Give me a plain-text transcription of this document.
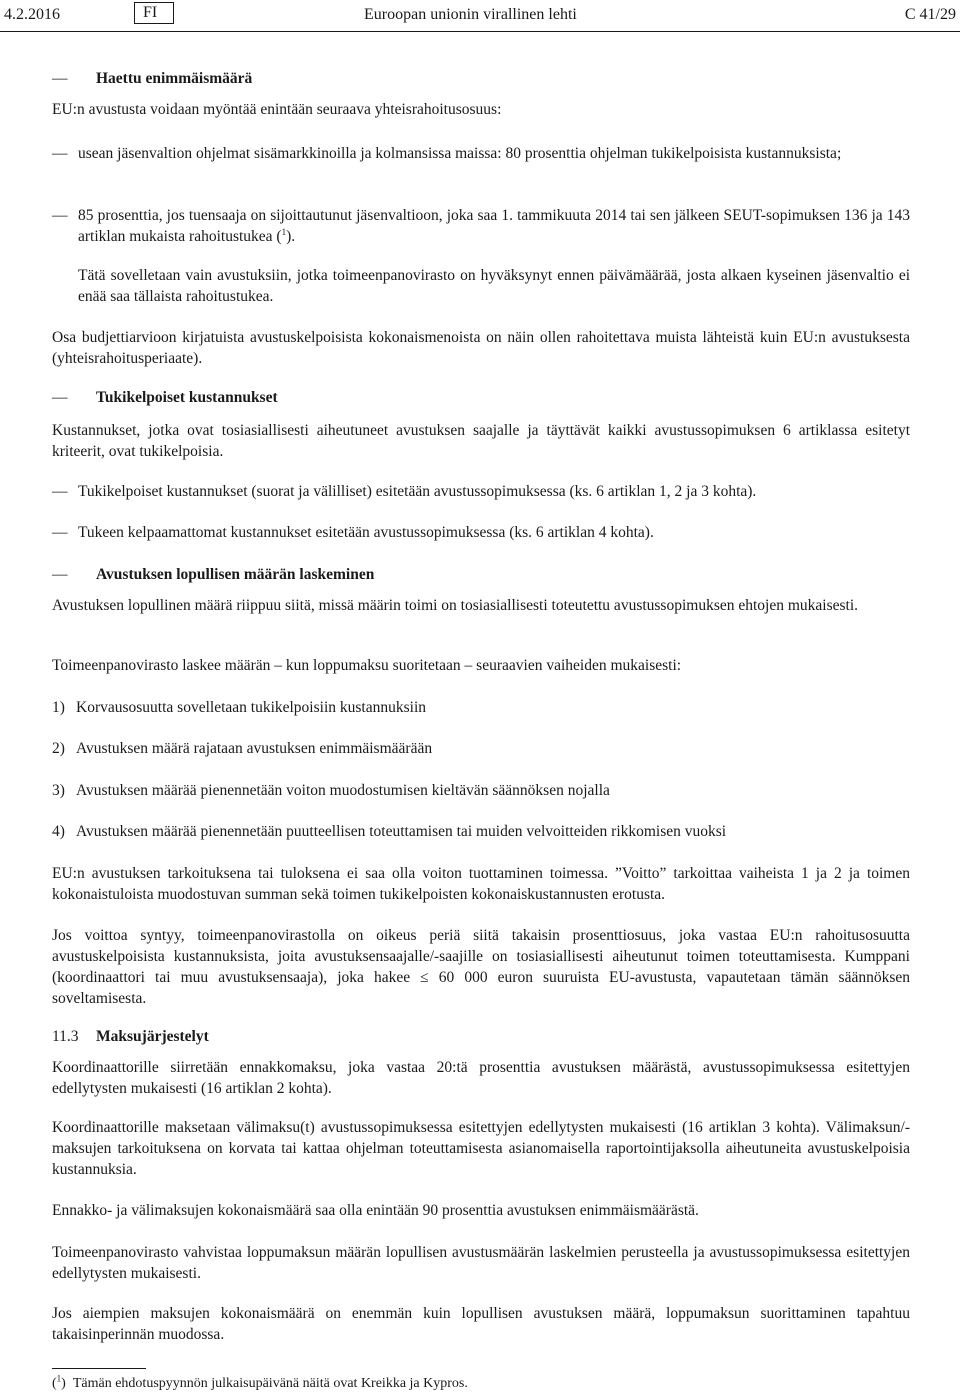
4.2.2016	FI	Euroopan unionin virallinen lehti	C 41/29
—	Haettu enimmäismäärä
EU:n avustusta voidaan myöntää enintään seuraava yhteisrahoitusosuus:
— usean jäsenvaltion ohjelmat sisämarkkinoilla ja kolmansissa maissa: 80 prosenttia ohjelman tukikelpoisista kustannuksista;
— 85 prosenttia, jos tuensaaja on sijoittautunut jäsenvaltioon, joka saa 1. tammikuuta 2014 tai sen jälkeen SEUT-sopimuksen 136 ja 143 artiklan mukaista rahoitustukea ($^1$).
Tätä sovelletaan vain avustuksiin, jotka toimeenpanovirasto on hyväksynyt ennen päivämäärää, josta alkaen kyseinen jäsenvaltio ei enää saa tällaista rahoitustukea.
Osa budjettiarvioon kirjatuista avustuskelpoisista kokonaismenoista on näin ollen rahoitettava muista lähteistä kuin EU:n avustuksesta (yhteisrahoitusperiaate).
—	Tukikelpoiset kustannukset
Kustannukset, jotka ovat tosiasiallisesti aiheutuneet avustuksen saajalle ja täyttävät kaikki avustussopimuksen 6 artiklassa esitetyt kriteerit, ovat tukikelpoisia.
— Tukikelpoiset kustannukset (suorat ja välilliset) esitetään avustussopimuksessa (ks. 6 artiklan 1, 2 ja 3 kohta).
— Tukeen kelpaamattomat kustannukset esitetään avustussopimuksessa (ks. 6 artiklan 4 kohta).
—	Avustuksen lopullisen määrän laskeminen
Avustuksen lopullinen määrä riippuu siitä, missä määrin toimi on tosiasiallisesti toteutettu avustussopimuksen ehtojen mukaisesti.
Toimeenpanovirasto laskee määrän – kun loppumaksu suoritetaan – seuraavien vaiheiden mukaisesti:
1) Korvausosuutta sovelletaan tukikelpoisiin kustannuksiin
2) Avustuksen määrä rajataan avustuksen enimmäismäärään
3) Avustuksen määrää pienennetään voiton muodostumisen kieltävän säännöksen nojalla
4) Avustuksen määrää pienennetään puutteellisen toteuttamisen tai muiden velvoitteiden rikkomisen vuoksi
EU:n avustuksen tarkoituksena tai tuloksena ei saa olla voiton tuottaminen toimessa. ”Voitto” tarkoittaa vaiheista 1 ja 2 ja toimen kokonaistuloista muodostuvan summan sekä toimen tukikelpoisten kokonaiskustannusten erotusta.
Jos voittoa syntyy, toimeenpanovirastolla on oikeus periä siitä takaisin prosenttiosuus, joka vastaa EU:n rahoitusosuutta avustuskelpoisista kustannuksista, joita avustuksensaajalle/-saajille on tosiasiallisesti aiheutunut toimen toteuttamisesta. Kumppani (koordinaattori tai muu avustuksensaaja), joka hakee ≤ 60 000 euron suuruista EU-avustusta, vapautetaan tämän säännöksen soveltamisesta.
11.3 Maksujärjestelyt
Koordinaattorille siirretään ennakkomaksu, joka vastaa 20:tä prosenttia avustuksen määrästä, avustussopimuksessa esitettyjen edellytysten mukaisesti (16 artiklan 2 kohta).
Koordinaattorille maksetaan välimaksu(t) avustussopimuksessa esitettyjen edellytysten mukaisesti (16 artiklan 3 kohta). Välimaksun/-maksujen tarkoituksena on korvata tai kattaa ohjelman toteuttamisesta asianomaisella raportointijaksolla aiheutuneita avustuskelpoisia kustannuksia.
Ennakko- ja välimaksujen kokonaismäärä saa olla enintään 90 prosenttia avustuksen enimmäismäärästä.
Toimeenpanovirasto vahvistaa loppumaksun määrän lopullisen avustusmäärän laskelmien perusteella ja avustussopimuksessa esitettyjen edellytysten mukaisesti.
Jos aiempien maksujen kokonaismäärä on enemmän kuin lopullisen avustuksen määrä, loppumaksun suorittaminen tapahtuu takaisinperinnän muodossa.
($^1$)  Tämän ehdotuspyynnön julkaisupäivänä näitä ovat Kreikka ja Kypros.
